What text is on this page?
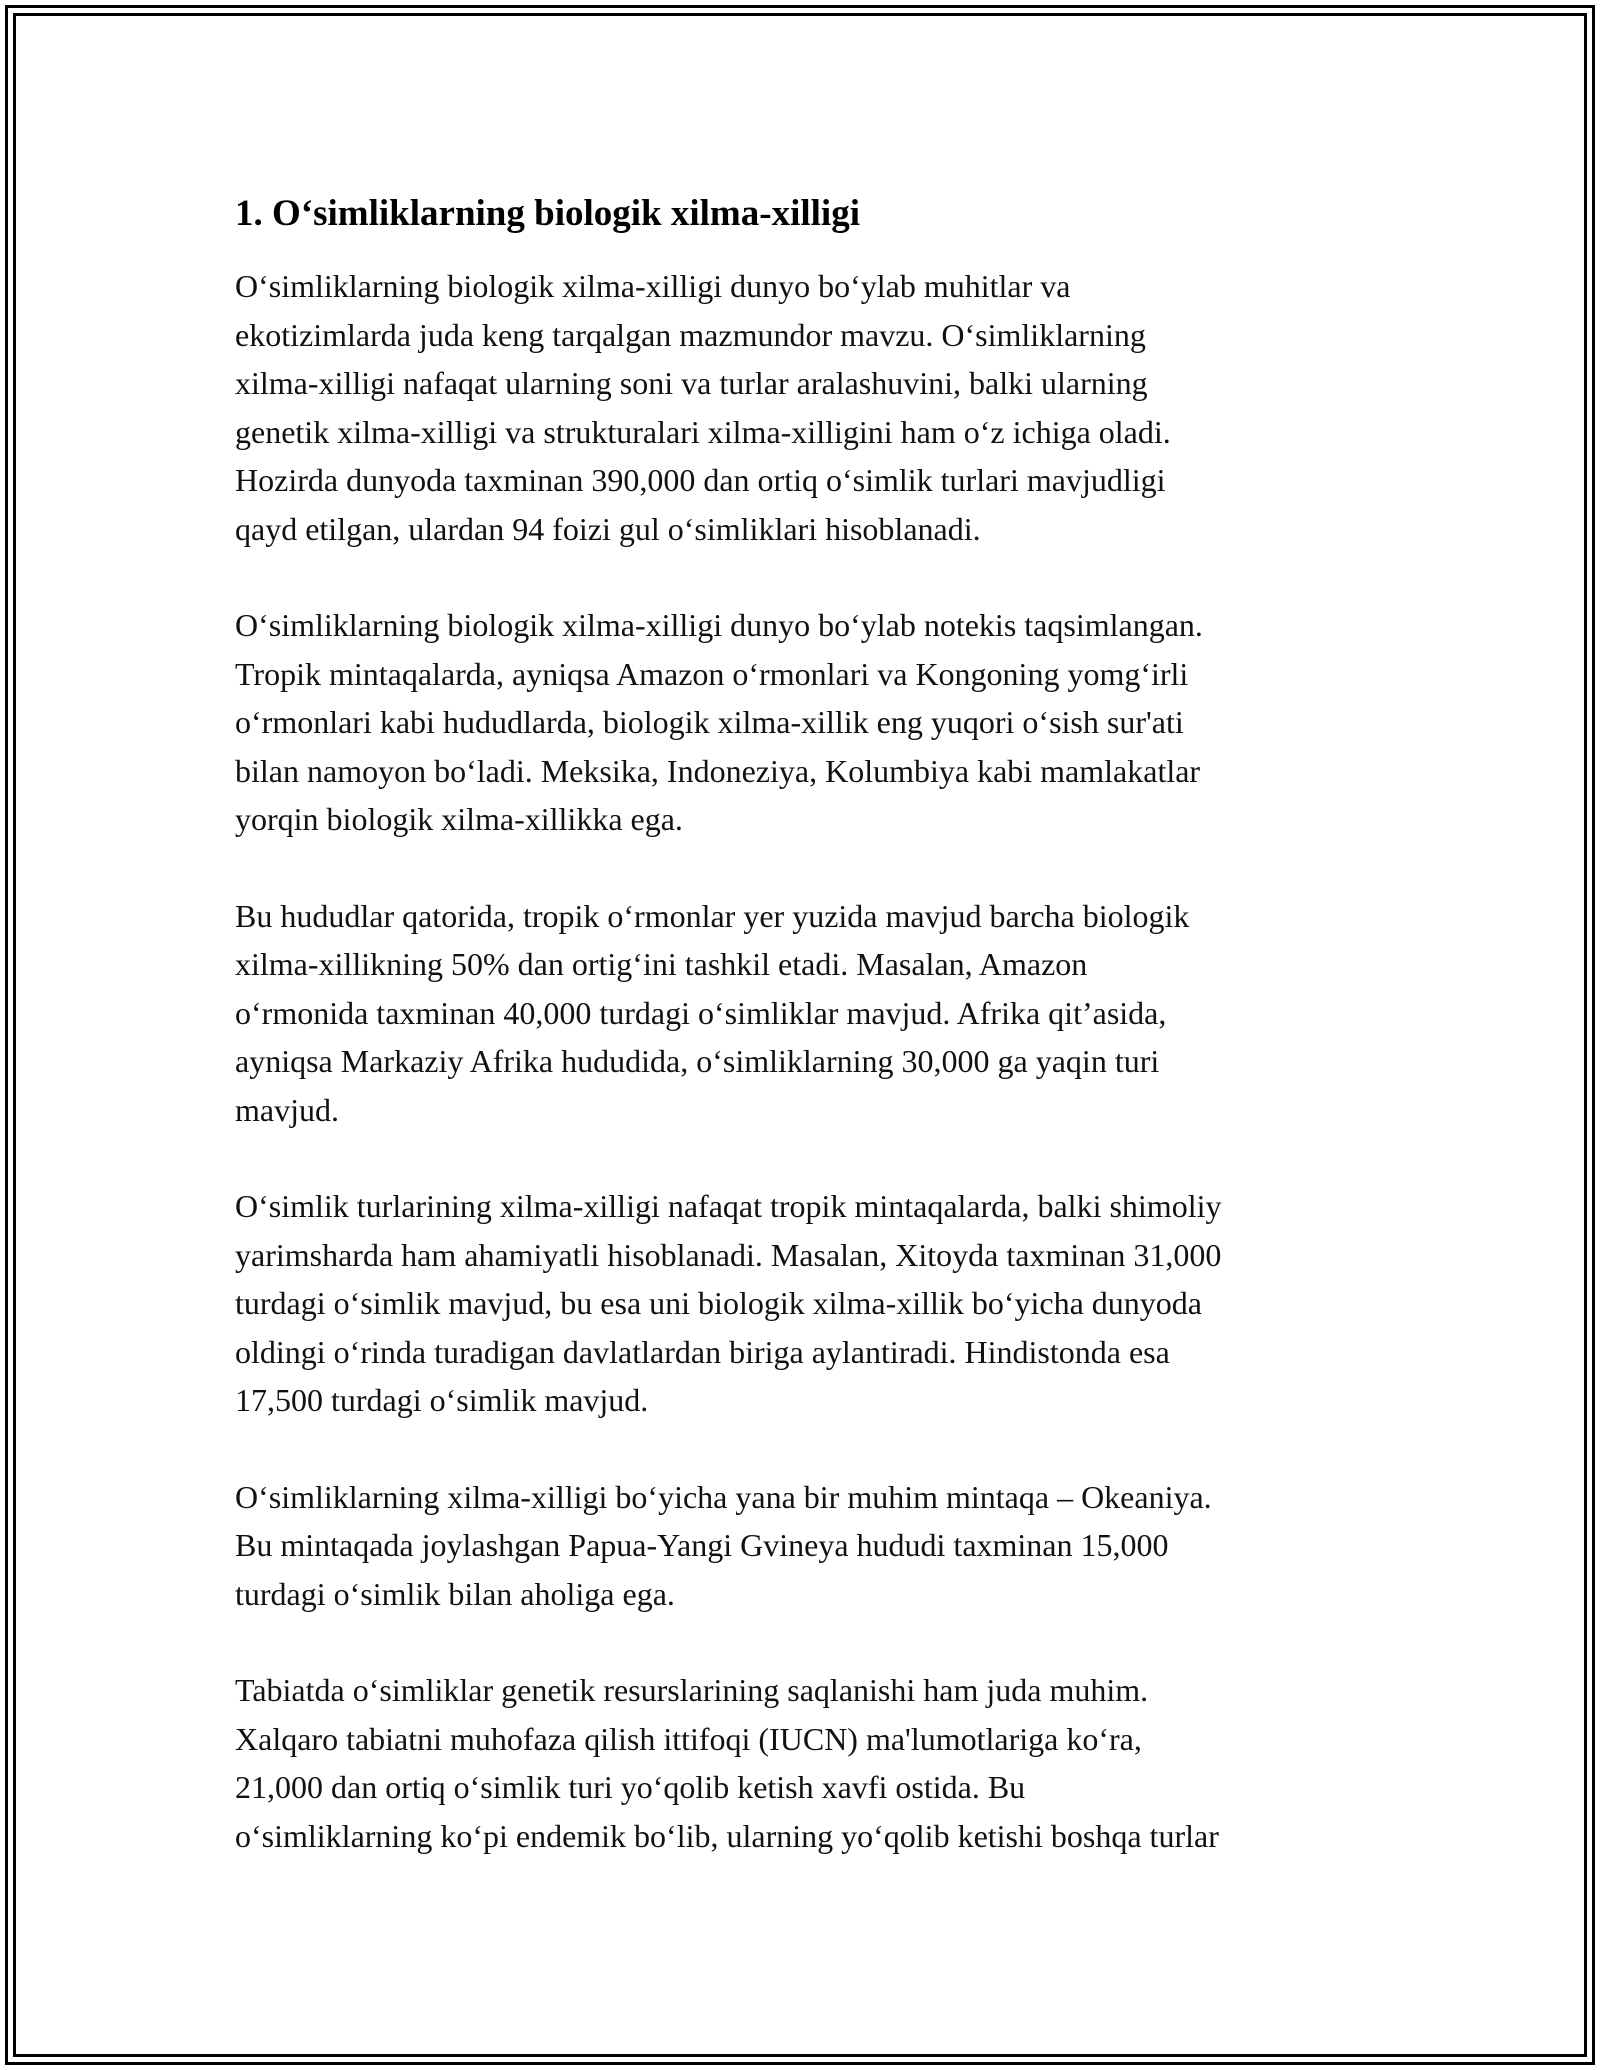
1. O‘simliklarning biologik xilma-xilligi

O‘simliklarning biologik xilma-xilligi dunyo bo‘ylab muhitlar va
ekotizimlarda juda keng tarqalgan mazmundor mavzu. O‘simliklarning
xilma-xilligi nafaqat ularning soni va turlar aralashuvini, balki ularning
genetik xilma-xilligi va strukturalari xilma-xilligini ham o‘z ichiga oladi.
Hozirda dunyoda taxminan 390,000 dan ortiq o‘simlik turlari mavjudligi
qayd etilgan, ulardan 94 foizi gul o‘simliklari hisoblanadi.

O‘simliklarning biologik xilma-xilligi dunyo bo‘ylab notekis taqsimlangan.
Tropik mintaqalarda, ayniqsa Amazon o‘rmonlari va Kongoning yomg‘irli
o‘rmonlari kabi hududlarda, biologik xilma-xillik eng yuqori o‘sish sur'ati
bilan namoyon bo‘ladi. Meksika, Indoneziya, Kolumbiya kabi mamlakatlar
yorqin biologik xilma-xillikka ega.

Bu hududlar qatorida, tropik o‘rmonlar yer yuzida mavjud barcha biologik
xilma-xillikning 50% dan ortig‘ini tashkil etadi. Masalan, Amazon
o‘rmonida taxminan 40,000 turdagi o‘simliklar mavjud. Afrika qit’asida,
ayniqsa Markaziy Afrika hududida, o‘simliklarning 30,000 ga yaqin turi
mavjud.

O‘simlik turlarining xilma-xilligi nafaqat tropik mintaqalarda, balki shimoliy
yarimsharda ham ahamiyatli hisoblanadi. Masalan, Xitoyda taxminan 31,000
turdagi o‘simlik mavjud, bu esa uni biologik xilma-xillik bo‘yicha dunyoda
oldingi o‘rinda turadigan davlatlardan biriga aylantiradi. Hindistonda esa
17,500 turdagi o‘simlik mavjud.

O‘simliklarning xilma-xilligi bo‘yicha yana bir muhim mintaqa – Okeaniya.
Bu mintaqada joylashgan Papua-Yangi Gvineya hududi taxminan 15,000
turdagi o‘simlik bilan aholiga ega.

Tabiatda o‘simliklar genetik resurslarining saqlanishi ham juda muhim.
Xalqaro tabiatni muhofaza qilish ittifoqi (IUCN) ma'lumotlariga ko‘ra,
21,000 dan ortiq o‘simlik turi yo‘qolib ketish xavfi ostida. Bu
o‘simliklarning ko‘pi endemik bo‘lib, ularning yo‘qolib ketishi boshqa turlar
